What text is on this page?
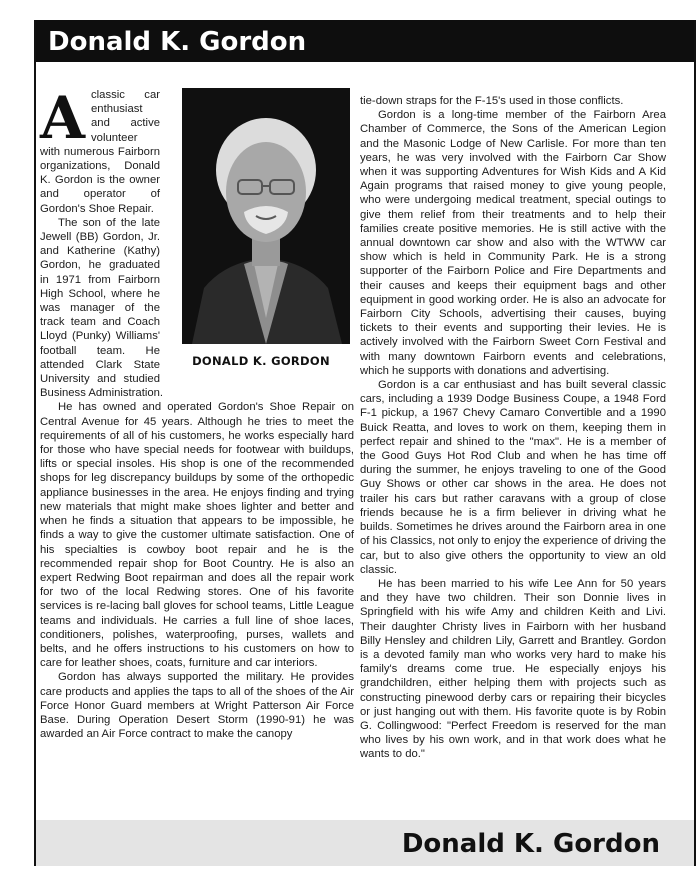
Donald K. Gordon
DONALD K. GORDON
A classic car enthusiast and active volunteer with numerous Fairborn organizations, Donald K. Gordon is the owner and operator of Gordon's Shoe Repair.

The son of the late Jewell (BB) Gordon, Jr. and Katherine (Kathy) Gordon, he graduated in 1971 from Fairborn High School, where he was manager of the track team and Coach Lloyd (Punky) Williams' football team. He attended Clark State University and studied Business Administration.

He has owned and operated Gordon's Shoe Repair on Central Avenue for 45 years. Although he tries to meet the requirements of all of his customers, he works especially hard for those who have special needs for footwear with buildups, lifts or special insoles. His shop is one of the recommended shops for leg discrepancy buildups by some of the orthopedic appliance businesses in the area. He enjoys finding and trying new materials that might make shoes lighter and better and when he finds a situation that appears to be impossible, he finds a way to give the customer ultimate satisfaction. One of his specialties is cowboy boot repair and he is the recommended repair shop for Boot Country. He is also an expert Redwing Boot repairman and does all the repair work for two of the local Redwing stores. One of his favorite services is re-lacing ball gloves for school teams, Little League teams and individuals. He carries a full line of shoe laces, conditioners, polishes, waterproofing, purses, wallets and belts, and he offers instructions to his customers on how to care for leather shoes, coats, furniture and car interiors.

Gordon has always supported the military. He provides care products and applies the taps to all of the shoes of the Air Force Honor Guard members at Wright Patterson Air Force Base. During Operation Desert Storm (1990-91) he was awarded an Air Force contract to make the canopy

tie-down straps for the F-15's used in those conflicts.

Gordon is a long-time member of the Fairborn Area Chamber of Commerce, the Sons of the American Legion and the Masonic Lodge of New Carlisle. For more than ten years, he was very involved with the Fairborn Car Show when it was supporting Adventures for Wish Kids and A Kid Again programs that raised money to give young people, who were undergoing medical treatment, special outings to give them relief from their treatments and to help their families create positive memories. He is still active with the annual downtown car show and also with the WTWW car show which is held in Community Park. He is a strong supporter of the Fairborn Police and Fire Departments and their causes and keeps their equipment bags and other equipment in good working order. He is also an advocate for Fairborn City Schools, advertising their causes, buying tickets to their events and supporting their levies. He is actively involved with the Fairborn Sweet Corn Festival and with many downtown Fairborn events and celebrations, which he supports with donations and advertising.

Gordon is a car enthusiast and has built several classic cars, including a 1939 Dodge Business Coupe, a 1948 Ford F-1 pickup, a 1967 Chevy Camaro Convertible and a 1990 Buick Reatta, and loves to work on them, keeping them in perfect repair and shined to the "max". He is a member of the Good Guys Hot Rod Club and when he has time off during the summer, he enjoys traveling to one of the Good Guy Shows or other car shows in the area. He does not trailer his cars but rather caravans with a group of close friends because he is a firm believer in driving what he builds. Sometimes he drives around the Fairborn area in one of his Classics, not only to enjoy the experience of driving the car, but to also give others the opportunity to view an old classic.

He has been married to his wife Lee Ann for 50 years and they have two children. Their son Donnie lives in Springfield with his wife Amy and children Keith and Livi. Their daughter Christy lives in Fairborn with her husband Billy Hensley and children Lily, Garrett and Brantley. Gordon is a devoted family man who works very hard to make his family's dreams come true. He especially enjoys his grandchildren, either helping them with projects such as constructing pinewood derby cars or repairing their bicycles or just hanging out with them. His favorite quote is by Robin G. Collingwood: "Perfect Freedom is reserved for the man who lives by his own work, and in that work does what he wants to do."

Donald K. Gordon
